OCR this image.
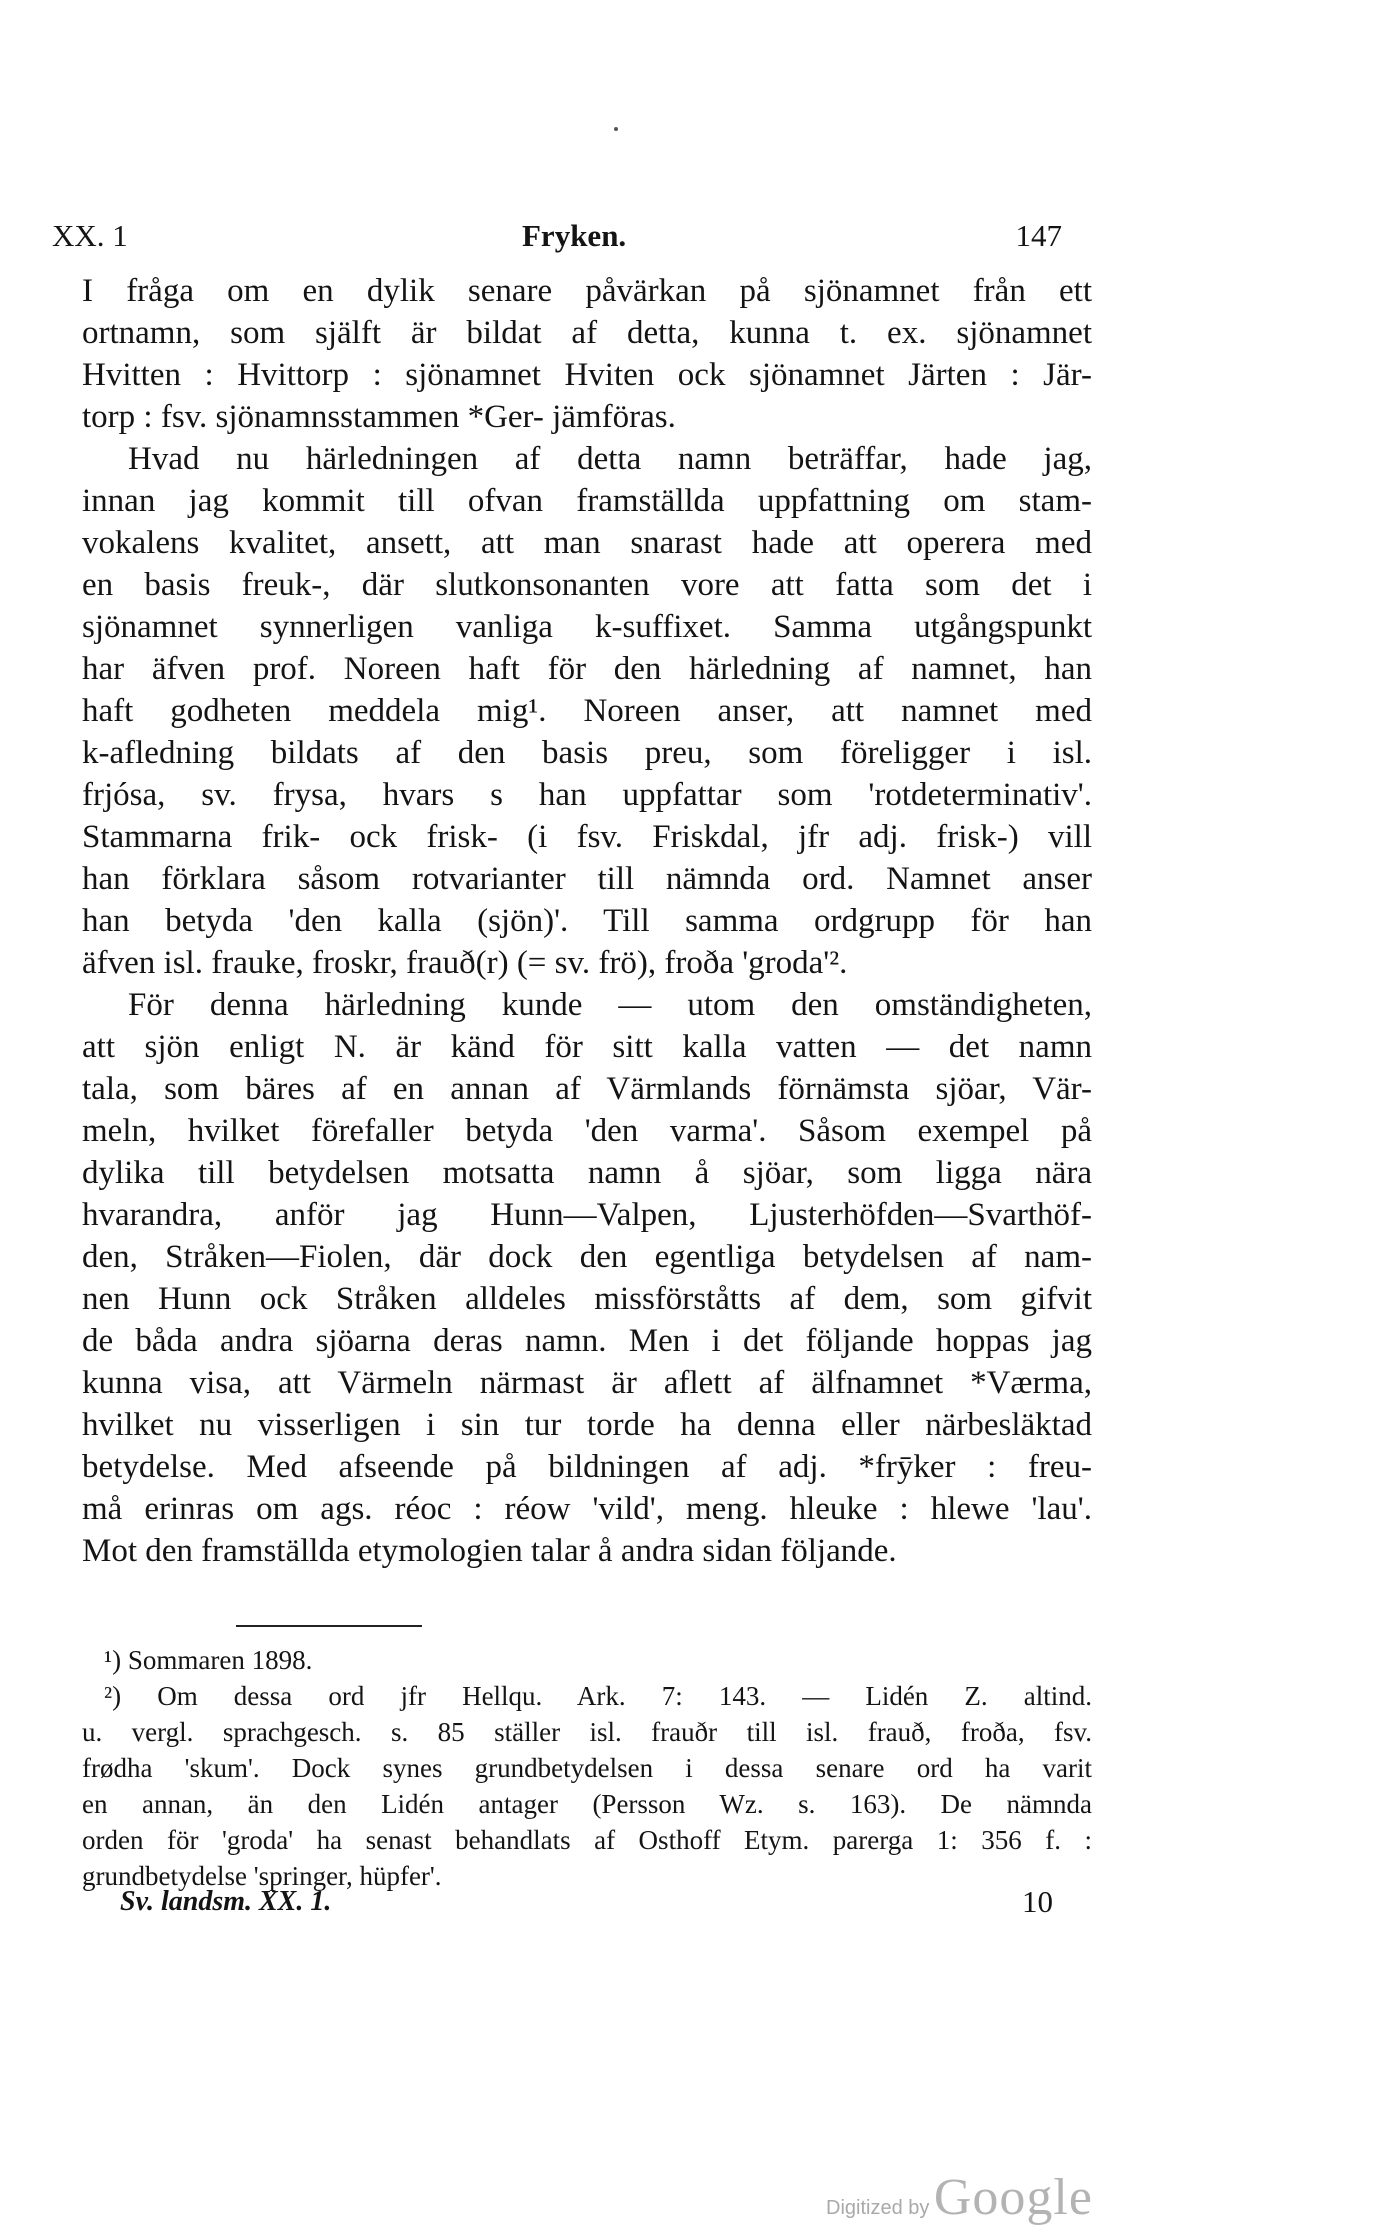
XX. 1	Fryken.	147
I fråga om en dylik senare påvärkan på sjönamnet från ett
ortnamn, som själft är bildat af detta, kunna t. ex. sjönamnet
Hvitten : Hvittorp : sjönamnet Hviten ock sjönamnet Järten : Jär-
torp : fsv. sjönamnsstammen *Ger- jämföras.
Hvad nu härledningen af detta namn beträffar, hade jag,
innan jag kommit till ofvan framställda uppfattning om stam-
vokalens kvalitet, ansett, att man snarast hade att operera med
en basis freuk-, där slutkonsonanten vore att fatta som det i
sjönamnet synnerligen vanliga k-suffixet. Samma utgångspunkt
har äfven prof. Noreen haft för den härledning af namnet, han
haft godheten meddela mig¹. Noreen anser, att namnet med
k-afledning bildats af den basis preu, som föreligger i isl.
frjósa, sv. frysa, hvars s han uppfattar som 'rotdeterminativ'.
Stammarna frik- ock frisk- (i fsv. Friskdal, jfr adj. frisk-) vill
han förklara såsom rotvarianter till nämnda ord. Namnet anser
han betyda 'den kalla (sjön)'. Till samma ordgrupp för han
äfven isl. frauke, froskr, frauð(r) (= sv. frö), froða 'groda'².
För denna härledning kunde — utom den omständigheten,
att sjön enligt N. är känd för sitt kalla vatten — det namn
tala, som bäres af en annan af Värmlands förnämsta sjöar, Vär-
meln, hvilket förefaller betyda 'den varma'. Såsom exempel på
dylika till betydelsen motsatta namn å sjöar, som ligga nära
hvarandra, anför jag Hunn—Valpen, Ljusterhöfden—Svarthöf-
den, Stråken—Fiolen, där dock den egentliga betydelsen af nam-
nen Hunn ock Stråken alldeles missförståtts af dem, som gifvit
de båda andra sjöarna deras namn. Men i det följande hoppas jag
kunna visa, att Värmeln närmast är aflett af älfnamnet *Værma,
hvilket nu visserligen i sin tur torde ha denna eller närbesläktad
betydelse. Med afseende på bildningen af adj. *frȳker : freu-
må erinras om ags. réoc : réow 'vild', meng. hleuke : hlewe 'lau'.
Mot den framställda etymologien talar å andra sidan följande.
¹) Sommaren 1898.
²) Om dessa ord jfr Hellqu. Ark. 7: 143. — Lidén Z. altind.
u. vergl. sprachgesch. s. 85 ställer isl. frauðr till isl. frauð, froða, fsv.
frødha 'skum'. Dock synes grundbetydelsen i dessa senare ord ha varit
en annan, än den Lidén antager (Persson Wz. s. 163). De nämnda
orden för 'groda' ha senast behandlats af Osthoff Etym. parerga 1: 356 f. :
grundbetydelse 'springer, hüpfer'.
Sv. landsm. XX. 1.	10
Digitized by Google
